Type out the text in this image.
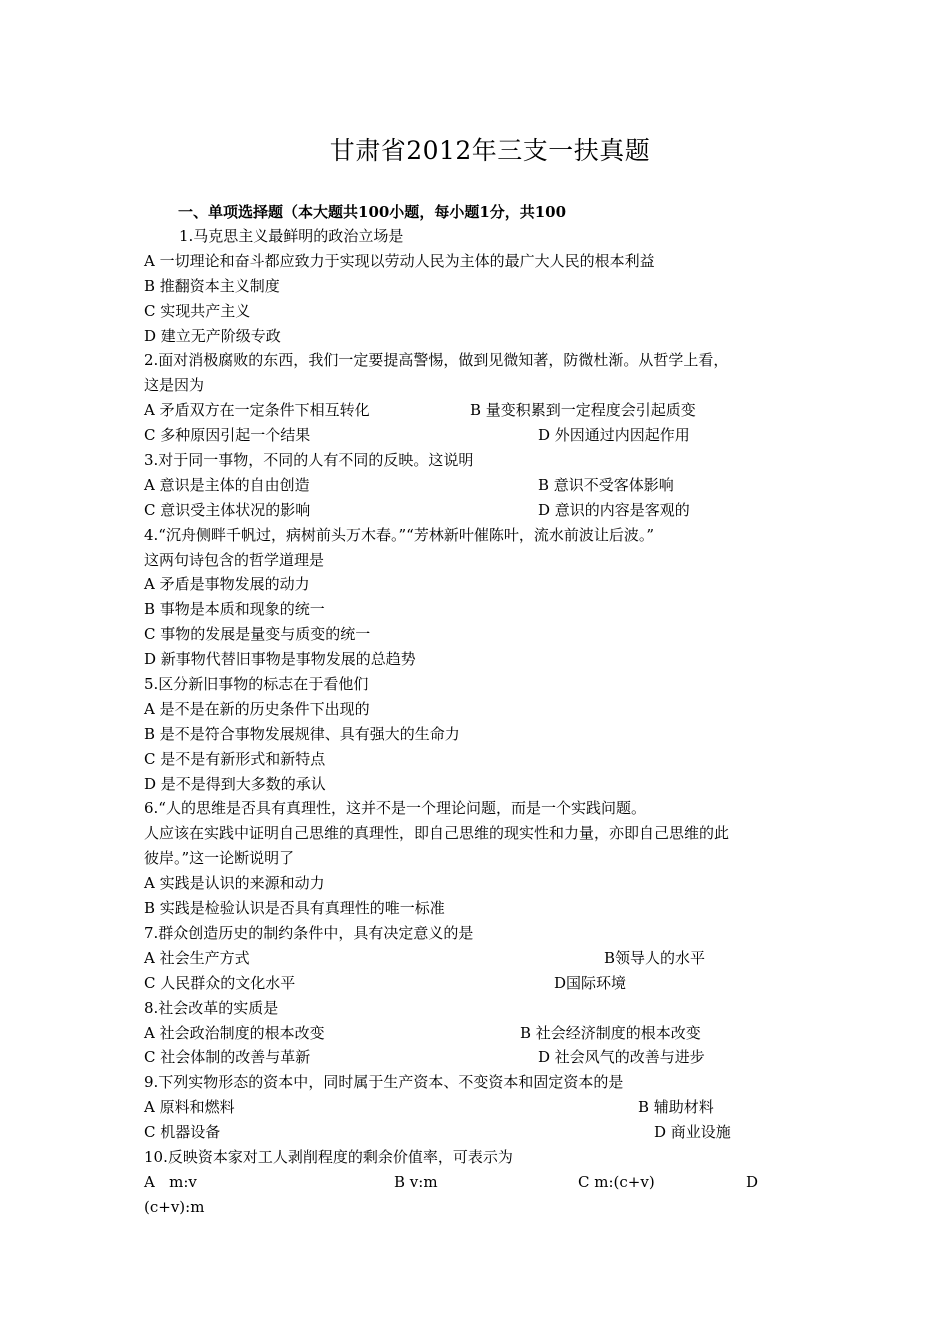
甘肃省2012年三支一扶真题
一、单项选择题（本大题共100小题，每小题1分，共100
1.马克思主义最鲜明的政治立场是
A 一切理论和奋斗都应致力于实现以劳动人民为主体的最广大人民的根本利益
B 推翻资本主义制度
C 实现共产主义
D 建立无产阶级专政
2.面对消极腐败的东西，我们一定要提高警惕，做到见微知著，防微杜渐。从哲学上看，
这是因为
A 矛盾双方在一定条件下相互转化	B 量变积累到一定程度会引起质变
C 多种原因引起一个结果	D 外因通过内因起作用
3.对于同一事物，不同的人有不同的反映。这说明
A 意识是主体的自由创造	B 意识不受客体影响
C 意识受主体状况的影响	D 意识的内容是客观的
4.“沉舟侧畔千帆过，病树前头万木春。”“芳林新叶催陈叶，流水前波让后波。”
这两句诗包含的哲学道理是
A 矛盾是事物发展的动力
B 事物是本质和现象的统一
C 事物的发展是量变与质变的统一
D 新事物代替旧事物是事物发展的总趋势
5.区分新旧事物的标志在于看他们
A 是不是在新的历史条件下出现的
B 是不是符合事物发展规律、具有强大的生命力
C 是不是有新形式和新特点
D 是不是得到大多数的承认
6.“人的思维是否具有真理性，这并不是一个理论问题，而是一个实践问题。
人应该在实践中证明自己思维的真理性，即自己思维的现实性和力量，亦即自己思维的此
彼岸。”这一论断说明了
A 实践是认识的来源和动力
B 实践是检验认识是否具有真理性的唯一标准
7.群众创造历史的制约条件中，具有决定意义的是
A 社会生产方式	B领导人的水平
C 人民群众的文化水平	D国际环境
8.社会改革的实质是
A 社会政治制度的根本改变	B 社会经济制度的根本改变
C 社会体制的改善与革新	D 社会风气的改善与进步
9.下列实物形态的资本中，同时属于生产资本、不变资本和固定资本的是
A 原料和燃料	B 辅助材料
C 机器设备	D 商业设施
10.反映资本家对工人剥削程度的剩余价值率，可表示为
A   m:v	B v:m	C m:(c+v)	D
(c+v):m
